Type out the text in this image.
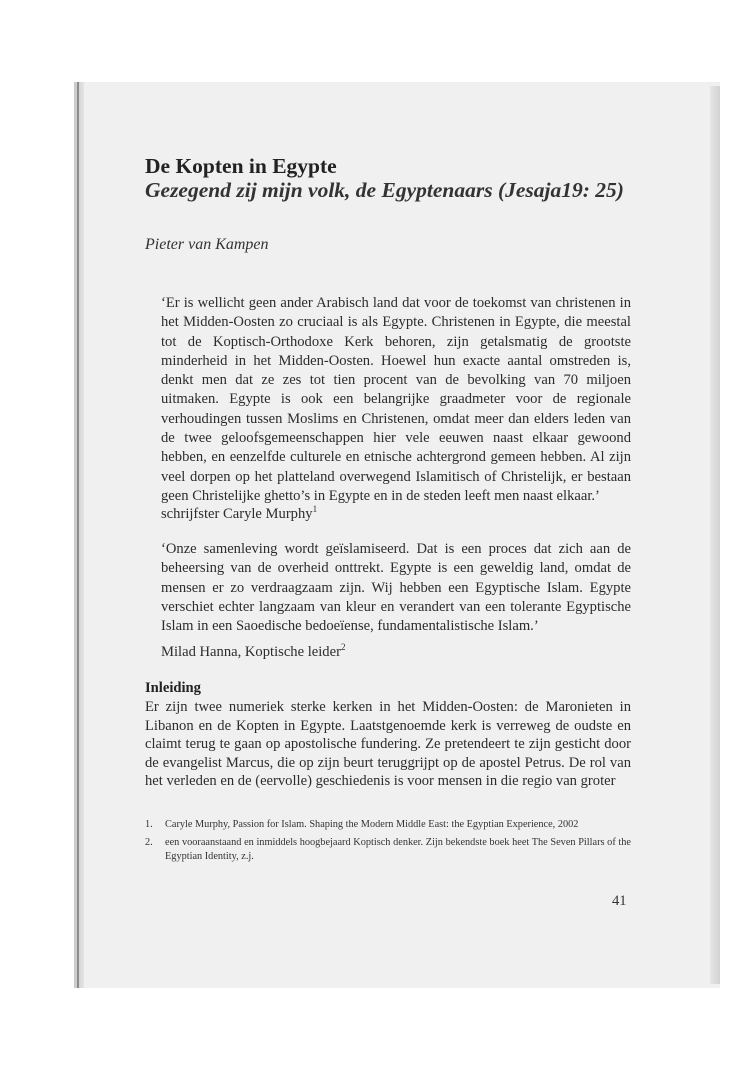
De Kopten in Egypte
Gezegend zij mijn volk, de Egyptenaars (Jesaja19: 25)

Pieter van Kampen

‘Er is wellicht geen ander Arabisch land dat voor de toekomst van christenen in het Midden-Oosten zo cruciaal is als Egypte. Christenen in Egypte, die meestal tot de Koptisch-Orthodoxe Kerk behoren, zijn getalsmatig de grootste minderheid in het Midden-Oosten. Hoewel hun exacte aantal omstreden is, denkt men dat ze zes tot tien procent van de bevolking van 70 miljoen uitmaken. Egypte is ook een belangrijke graadmeter voor de regionale verhoudingen tussen Moslims en Christenen, omdat meer dan elders leden van de twee geloofsgemeenschappen hier vele eeuwen naast elkaar gewoond hebben, en eenzelfde culturele en etnische achtergrond gemeen hebben. Al zijn veel dorpen op het platteland overwegend Islamitisch of Christelijk, er bestaan geen Christelijke ghetto’s in Egypte en in de steden leeft men naast elkaar.’

schrijfster Caryle Murphy$^1$

‘Onze samenleving wordt geïslamiseerd. Dat is een proces dat zich aan de beheersing van de overheid onttrekt. Egypte is een geweldig land, omdat de mensen er zo verdraagzaam zijn. Wij hebben een Egyptische Islam. Egypte verschiet echter langzaam van kleur en verandert van een tolerante Egyptische Islam in een Saoedische bedoeïense, fundamentalistische Islam.’

Milad Hanna, Koptische leider$^2$

Inleiding

Er zijn twee numeriek sterke kerken in het Midden-Oosten: de Maronieten in Libanon en de Kopten in Egypte. Laatstgenoemde kerk is verreweg de oudste en claimt terug te gaan op apostolische fundering. Ze pretendeert te zijn gesticht door de evangelist Marcus, die op zijn beurt teruggrijpt op de apostel Petrus. De rol van het verleden en de (eervolle) geschiedenis is voor mensen in die regio van groter

1.	Caryle Murphy, Passion for Islam. Shaping the Modern Middle East: the Egyptian Experience, 2002
2.	een vooraanstaand en inmiddels hoogbejaard Koptisch denker. Zijn bekendste boek heet The Seven Pillars of the Egyptian Identity, z.j.

41
